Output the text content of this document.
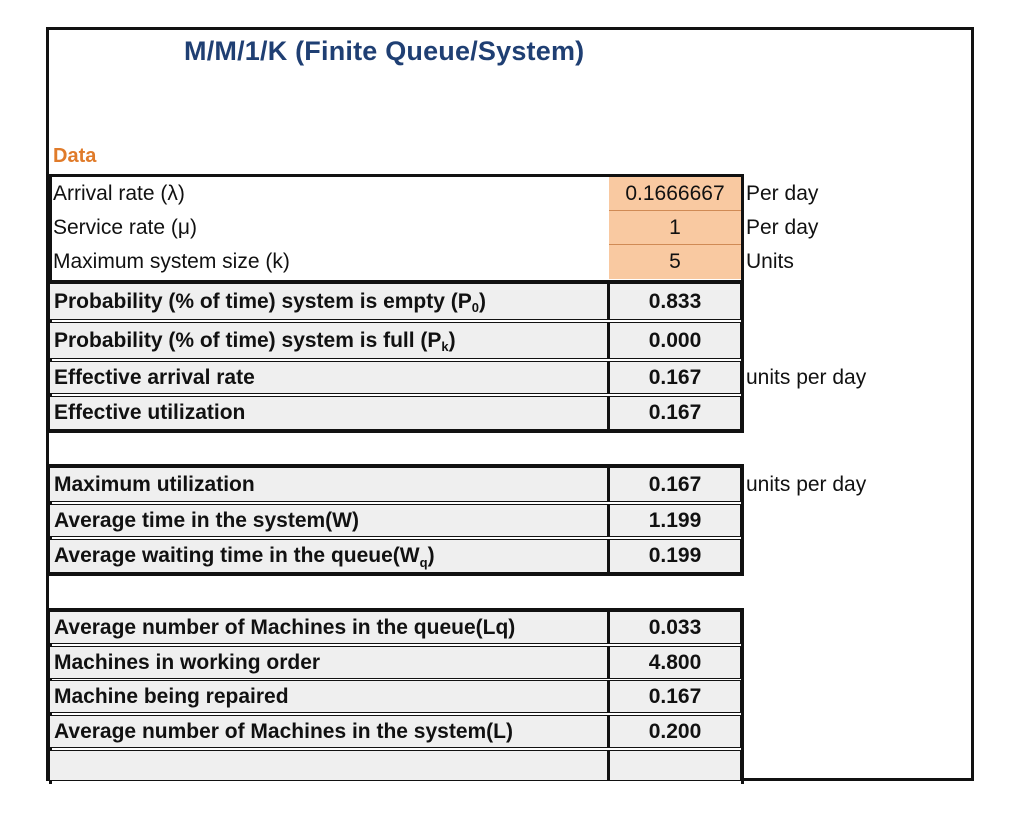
M/M/1/K (Finite Queue/System)
Data
Arrival rate (λ)	0.1666667	Per day
Service rate (μ)	1	Per day
Maximum system size (k)	5	Units
Probability (% of time) system is empty (P 0 )	0.833
Probability (% of time) system is full (P k )	0.000
Effective arrival rate	0.167	units per day
Effective utilization	0.167
Maximum utilization	0.167	units per day
Average time in the system(W)	1.199
Average waiting time in the queue(W q )	0.199
Average number of Machines in the queue(Lq)	0.033
Machines in working order	4.800
Machine being repaired	0.167
Average number of Machines in the system(L)	0.200
